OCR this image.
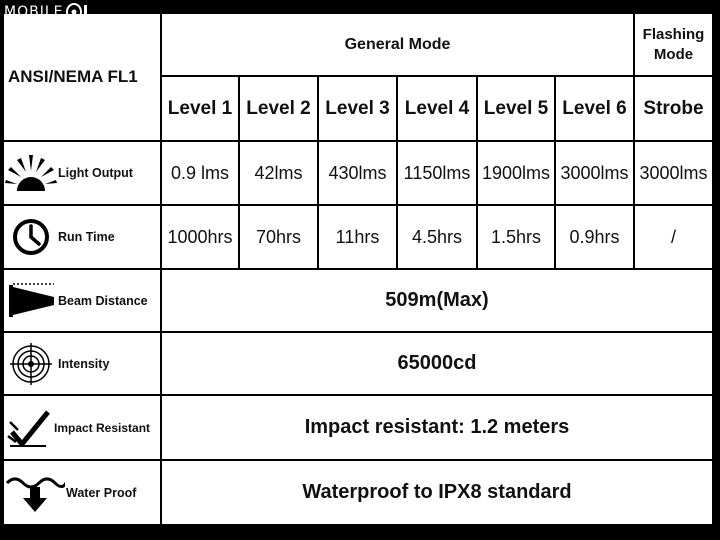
MOBILE
ANSI/NEMA FL1	General Mode						Flashing Mode
	Level 1	Level 2	Level 3	Level 4	Level 5	Level 6	Strobe

Light Output	0.9 lms	42lms	430lms	1150lms	1900lms	3000lms	3000lms

Run Time	1000hrs	70hrs	11hrs	4.5hrs	1.5hrs	0.9hrs	/

Beam Distance	509m(Max)						

Intensity	65000cd						

Impact Resistant	Impact resistant: 1.2 meters						

Water Proof	Waterproof to IPX8 standard						
